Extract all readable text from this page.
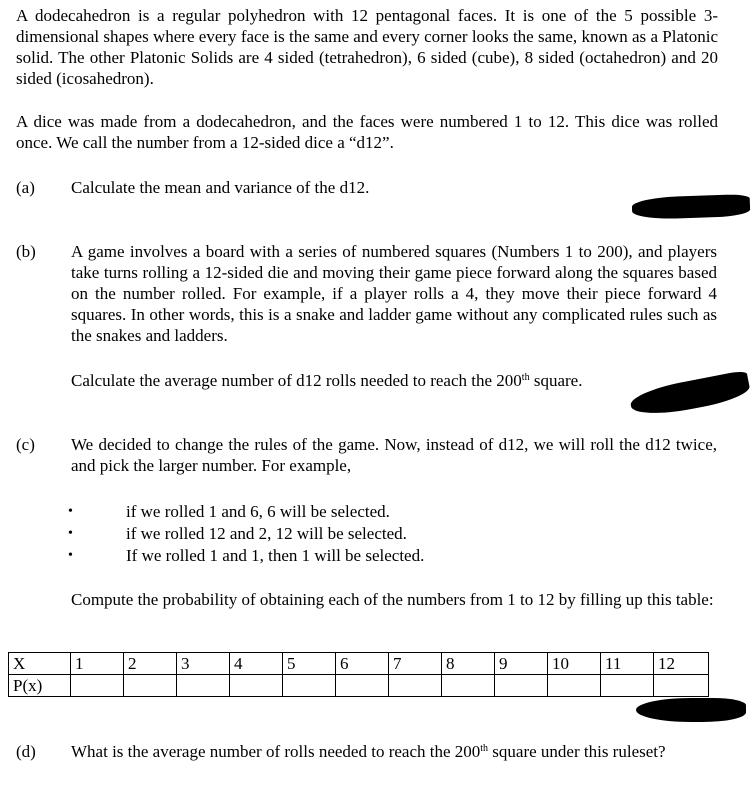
A dodecahedron is a regular polyhedron with 12 pentagonal faces. It is one of the 5 possible 3-dimensional shapes where every face is the same and every corner looks the same, known as a Platonic solid. The other Platonic Solids are 4 sided (tetrahedron), 6 sided (cube), 8 sided (octahedron) and 20 sided (icosahedron).

A dice was made from a dodecahedron, and the faces were numbered 1 to 12. This dice was rolled once. We call the number from a 12-sided dice a “d12”.

(a) Calculate the mean and variance of the d12.

(b) A game involves a board with a series of numbered squares (Numbers 1 to 200), and players take turns rolling a 12-sided die and moving their game piece forward along the squares based on the number rolled. For example, if a player rolls a 4, they move their piece forward 4 squares. In other words, this is a snake and ladder game without any complicated rules such as the snakes and ladders.

Calculate the average number of d12 rolls needed to reach the 200th square.

(c) We decided to change the rules of the game. Now, instead of d12, we will roll the d12 twice, and pick the larger number. For example,

•	if we rolled 1 and 6, 6 will be selected.

•	if we rolled 12 and 2, 12 will be selected.

•	If we rolled 1 and 1, then 1 will be selected.

Compute the probability of obtaining each of the numbers from 1 to 12 by filling up this table:

X	1	2	3	4	5	6	7	8	9	10	11	12
P(x)												
(d) What is the average number of rolls needed to reach the 200th square under this ruleset?
